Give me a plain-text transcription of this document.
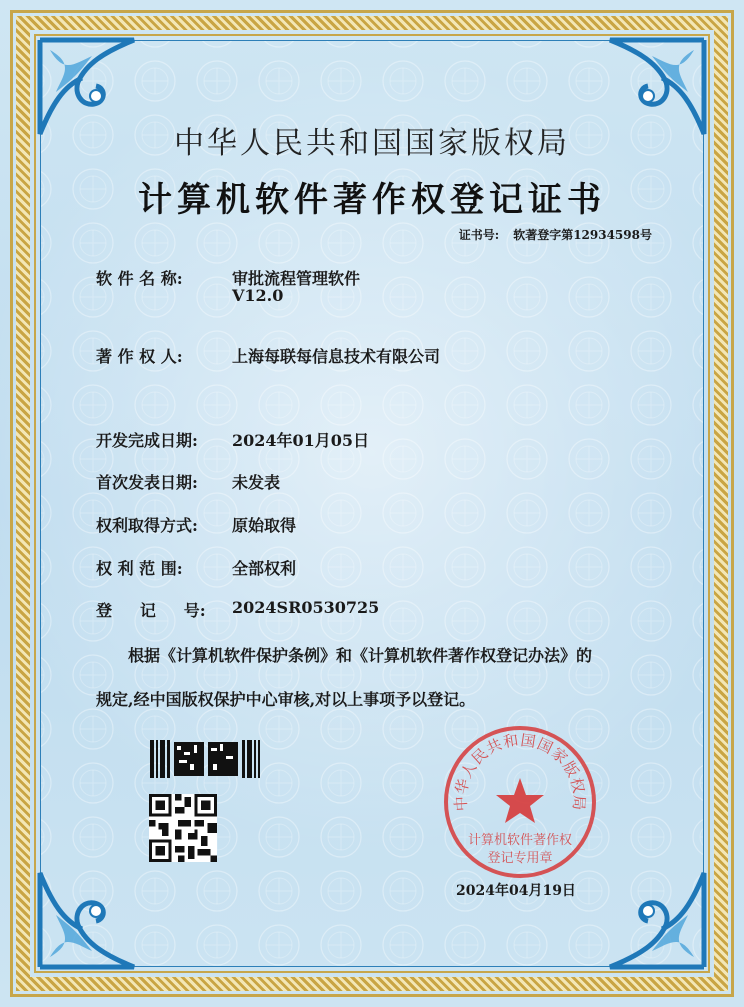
中华人民共和国国家版权局
计算机软件著作权登记证书
证书号: 软著登字第12934598号
软 件 名 称:	审批流程管理软件
V12.0
著 作 权 人:	上海每联每信息技术有限公司
开发完成日期: 2024年01月05日
首次发表日期: 未发表
权利取得方式: 原始取得
权 利 范 围:	全部权利
登     记     号: 2024SR0530725
根据《计算机软件保护条例》和《计算机软件著作权登记办法》的
规定,经中国版权保护中心审核,对以上事项予以登记。
中华人民共和国国家版权局
计算机软件著作权
登记专用章
2024年04月19日
